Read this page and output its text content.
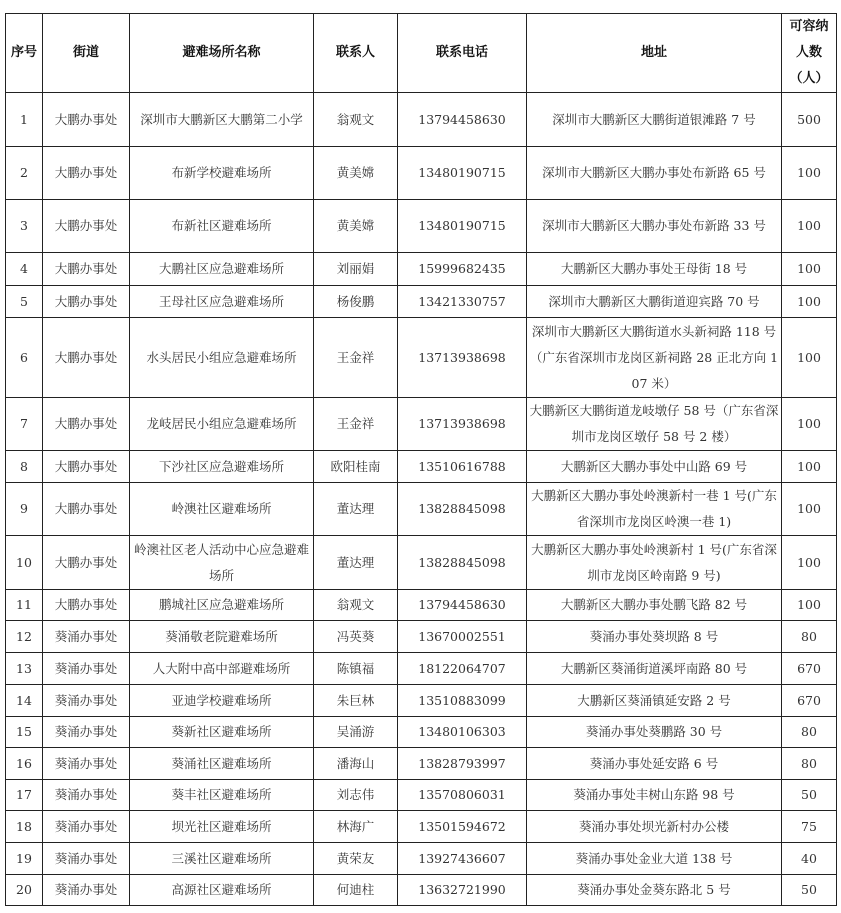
序号	街道	避难场所名称	联系人	联系电话	地址	可容纳人数（人）
1	大鹏办事处	深圳市大鹏新区大鹏第二小学	翁观文	13794458630	深圳市大鹏新区大鹏街道银滩路 7 号	500
2	大鹏办事处	布新学校避难场所	黄美嫦	13480190715	深圳市大鹏新区大鹏办事处布新路 65 号	100
3	大鹏办事处	布新社区避难场所	黄美嫦	13480190715	深圳市大鹏新区大鹏办事处布新路 33 号	100
4	大鹏办事处	大鹏社区应急避难场所	刘丽娟	15999682435	大鹏新区大鹏办事处王母街 18 号	100
5	大鹏办事处	王母社区应急避难场所	杨俊鹏	13421330757	深圳市大鹏新区大鹏街道迎宾路 70 号	100
6	大鹏办事处	水头居民小组应急避难场所	王金祥	13713938698	深圳市大鹏新区大鹏街道水头新祠路 118 号（广东省深圳市龙岗区新祠路 28 正北方向 107 米）	100
7	大鹏办事处	龙岐居民小组应急避难场所	王金祥	13713938698	大鹏新区大鹏街道龙岐墩仔 58 号（广东省深圳市龙岗区墩仔 58 号 2 楼）	100
8	大鹏办事处	下沙社区应急避难场所	欧阳桂南	13510616788	大鹏新区大鹏办事处中山路 69 号	100
9	大鹏办事处	岭澳社区避难场所	董达理	13828845098	大鹏新区大鹏办事处岭澳新村一巷 1 号(广东省深圳市龙岗区岭澳一巷 1)	100
10	大鹏办事处	岭澳社区老人活动中心应急避难场所	董达理	13828845098	大鹏新区大鹏办事处岭澳新村 1 号(广东省深圳市龙岗区岭南路 9 号)	100
11	大鹏办事处	鹏城社区应急避难场所	翁观文	13794458630	大鹏新区大鹏办事处鹏飞路 82 号	100
12	葵涌办事处	葵涌敬老院避难场所	冯英葵	13670002551	葵涌办事处葵坝路 8 号	80
13	葵涌办事处	人大附中高中部避难场所	陈镇福	18122064707	大鹏新区葵涌街道溪坪南路 80 号	670
14	葵涌办事处	亚迪学校避难场所	朱巨林	13510883099	大鹏新区葵涌镇延安路 2 号	670
15	葵涌办事处	葵新社区避难场所	吴涌游	13480106303	葵涌办事处葵鹏路 30 号	80
16	葵涌办事处	葵涌社区避难场所	潘海山	13828793997	葵涌办事处延安路 6 号	80
17	葵涌办事处	葵丰社区避难场所	刘志伟	13570806031	葵涌办事处丰树山东路 98 号	50
18	葵涌办事处	坝光社区避难场所	林海广	13501594672	葵涌办事处坝光新村办公楼	75
19	葵涌办事处	三溪社区避难场所	黄荣友	13927436607	葵涌办事处金业大道 138 号	40
20	葵涌办事处	高源社区避难场所	何迪柱	13632721990	葵涌办事处金葵东路北 5 号	50
